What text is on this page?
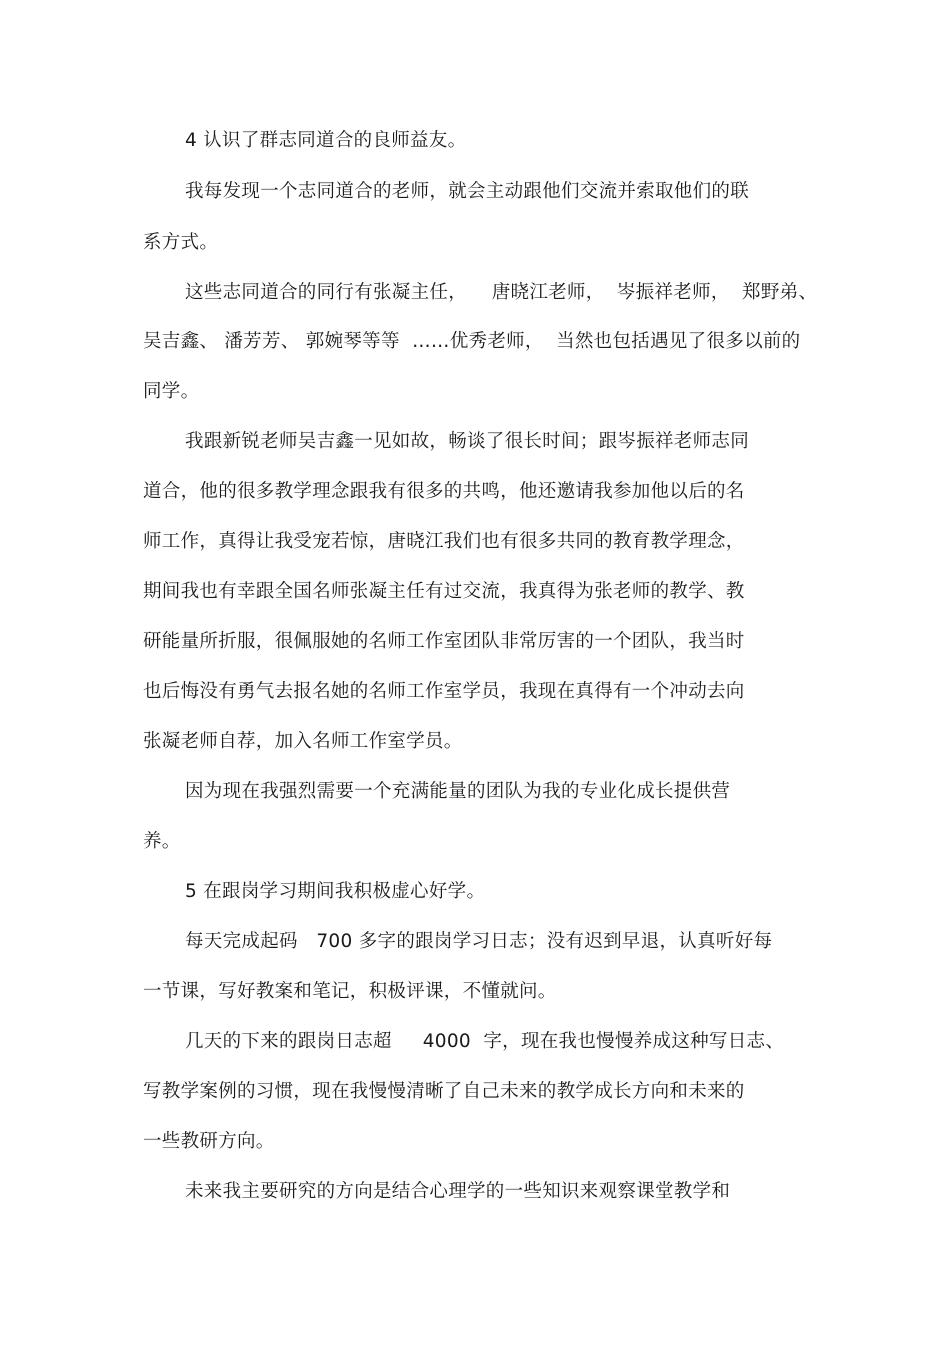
4 认识了群志同道合的良师益友。
我每发现一个志同道合的老师，就会主动跟他们交流并索取他们的联
系方式。
这些志同道合的同行有张凝主任，    唐晓江老师，  岑振祥老师，  郑野弟、
吴吉鑫、 潘芳芳、 郭婉琴等等  ……优秀老师，  当然也包括遇见了很多以前的
同学。
我跟新锐老师吴吉鑫一见如故，畅谈了很长时间；跟岑振祥老师志同
道合，他的很多教学理念跟我有很多的共鸣，他还邀请我参加他以后的名
师工作，真得让我受宠若惊，唐晓江我们也有很多共同的教育教学理念，
期间我也有幸跟全国名师张凝主任有过交流，我真得为张老师的教学、教
研能量所折服，很佩服她的名师工作室团队非常厉害的一个团队，我当时
也后悔没有勇气去报名她的名师工作室学员，我现在真得有一个冲动去向
张凝老师自荐，加入名师工作室学员。
因为现在我强烈需要一个充满能量的团队为我的专业化成长提供营
养。
5 在跟岗学习期间我积极虚心好学。
每天完成起码   700 多字的跟岗学习日志；没有迟到早退，认真听好每
一节课，写好教案和笔记，积极评课，不懂就问。
几天的下来的跟岗日志超     4000  字，现在我也慢慢养成这种写日志、
写教学案例的习惯，现在我慢慢清晰了自己未来的教学成长方向和未来的
一些教研方向。
未来我主要研究的方向是结合心理学的一些知识来观察课堂教学和
